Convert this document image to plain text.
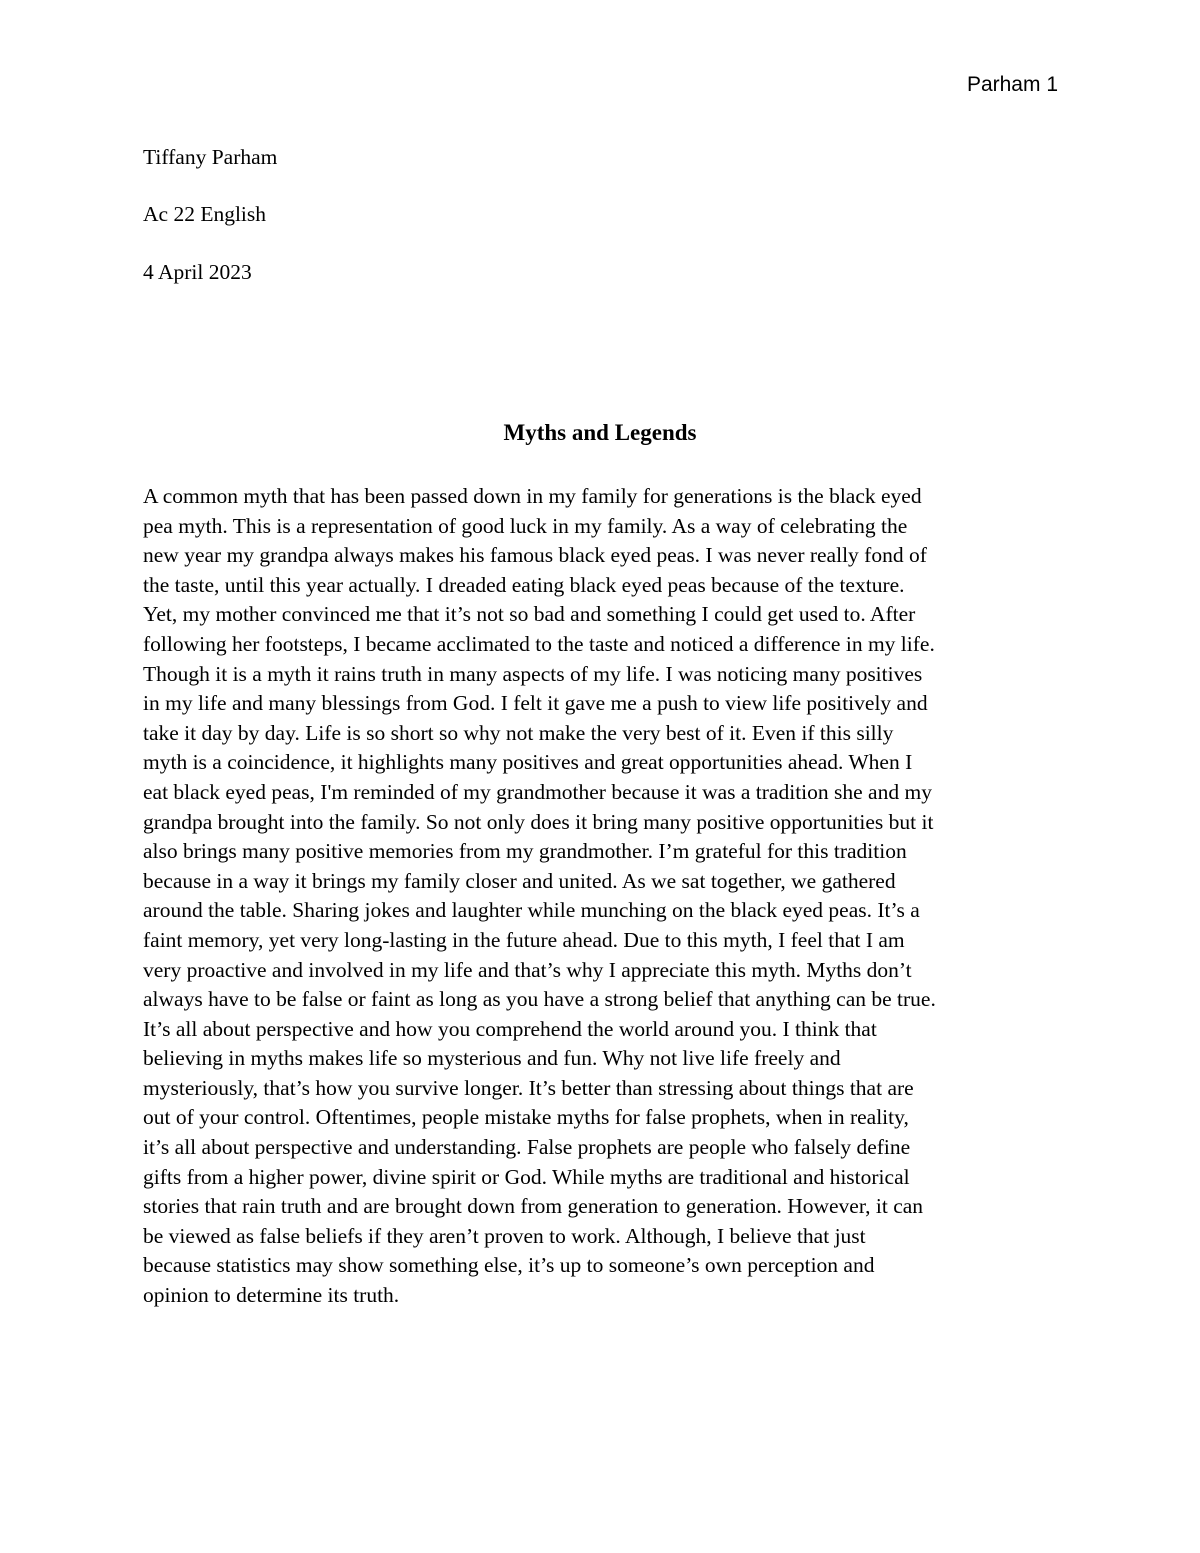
Parham 1
Tiffany Parham
Ac 22 English
4 April 2023
Myths and Legends
A common myth that has been passed down in my family for generations is the black eyed
pea myth. This is a representation of good luck in my family. As a way of celebrating the
new year my grandpa always makes his famous black eyed peas. I was never really fond of
the taste, until this year actually. I dreaded eating black eyed peas because of the texture.
Yet, my mother convinced me that it’s not so bad and something I could get used to. After
following her footsteps, I became acclimated to the taste and noticed a difference in my life.
Though it is a myth it rains truth in many aspects of my life. I was noticing many positives
in my life and many blessings from God. I felt it gave me a push to view life positively and
take it day by day. Life is so short so why not make the very best of it. Even if this silly
myth is a coincidence, it highlights many positives and great opportunities ahead. When I
eat black eyed peas, I'm reminded of my grandmother because it was a tradition she and my
grandpa brought into the family. So not only does it bring many positive opportunities but it
also brings many positive memories from my grandmother. I’m grateful for this tradition
because in a way it brings my family closer and united. As we sat together, we gathered
around the table. Sharing jokes and laughter while munching on the black eyed peas. It’s a
faint memory, yet very long-lasting in the future ahead. Due to this myth, I feel that I am
very proactive and involved in my life and that’s why I appreciate this myth. Myths don’t
always have to be false or faint as long as you have a strong belief that anything can be true.
It’s all about perspective and how you comprehend the world around you. I think that
believing in myths makes life so mysterious and fun. Why not live life freely and
mysteriously, that’s how you survive longer. It’s better than stressing about things that are
out of your control. Oftentimes, people mistake myths for false prophets, when in reality,
it’s all about perspective and understanding. False prophets are people who falsely define
gifts from a higher power, divine spirit or God. While myths are traditional and historical
stories that rain truth and are brought down from generation to generation. However, it can
be viewed as false beliefs if they aren’t proven to work. Although, I believe that just
because statistics may show something else, it’s up to someone’s own perception and
opinion to determine its truth.
